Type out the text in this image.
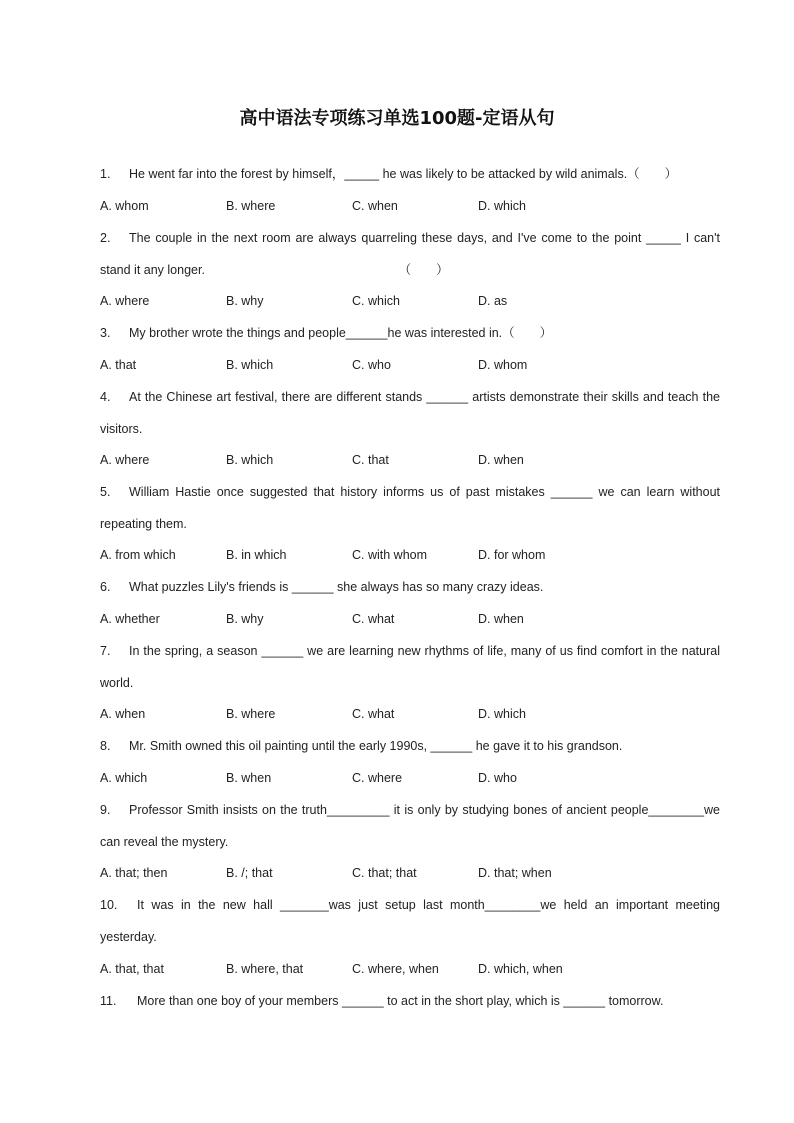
高中语法专项练习单选100题-定语从句
1. He went far into the forest by himself，_____ he was likely to be attacked by wild animals.（　　）
A. whom	B. where	C. when	D. which
2. The couple in the next room are always quarreling these days, and I've come to the point _____ I can't stand it any longer.　　　　　　　　　　　　　　　　（　　）
A. where	B. why	C. which	D. as
3. My brother wrote the things and people______he was interested in.（　　）
A. that	B. which	C. who	D. whom
4. At the Chinese art festival, there are different stands ______ artists demonstrate their skills and teach the visitors.
A. where	B. which	C. that	D. when
5. William Hastie once suggested that history informs us of past mistakes ______ we can learn without repeating them.
A. from which	B. in which	C. with whom	D. for whom
6. What puzzles Lily's friends is ______ she always has so many crazy ideas.
A. whether	B. why	C. what	D. when
7. In the spring, a season ______ we are learning new rhythms of life, many of us find comfort in the natural world.
A. when	B. where	C. what	D. which
8. Mr. Smith owned this oil painting until the early 1990s, ______ he gave it to his grandson.
A. which	B. when	C. where	D. who
9. Professor Smith insists on the truth_________ it is only by studying bones of ancient people________we can reveal the mystery.
A. that; then	B. /; that	C. that; that	D. that; when
10. It was in the new hall _______was just setup last month________we held an important meeting yesterday.
A. that, that	B. where, that	C. where, when	D. which, when
11. More than one boy of your members ______ to act in the short play, which is ______ tomorrow.
